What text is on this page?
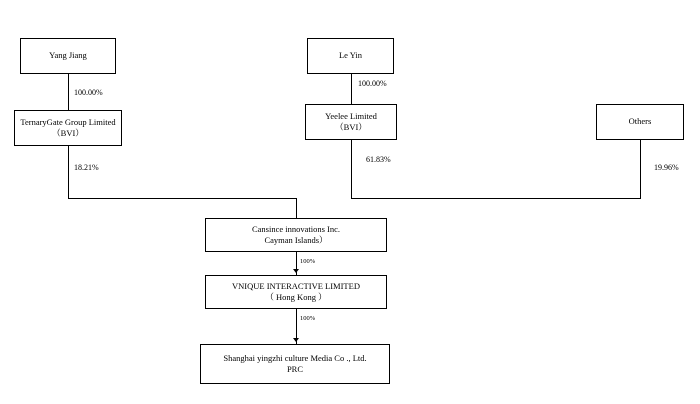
Yang Jiang	Le Yin
TernaryGate Group Limited
（BVI）
Yeelee Limited
（BVI）
Others
Cansince innovations Inc.
Cayman Islands）
VNIQUE INTERACTIVE LIMITED
（ Hong Kong ）
Shanghai yingzhi culture Media Co ., Ltd.
PRC
100.00%
100.00%
18.21%
61.83%
19.96%
100%
100%
